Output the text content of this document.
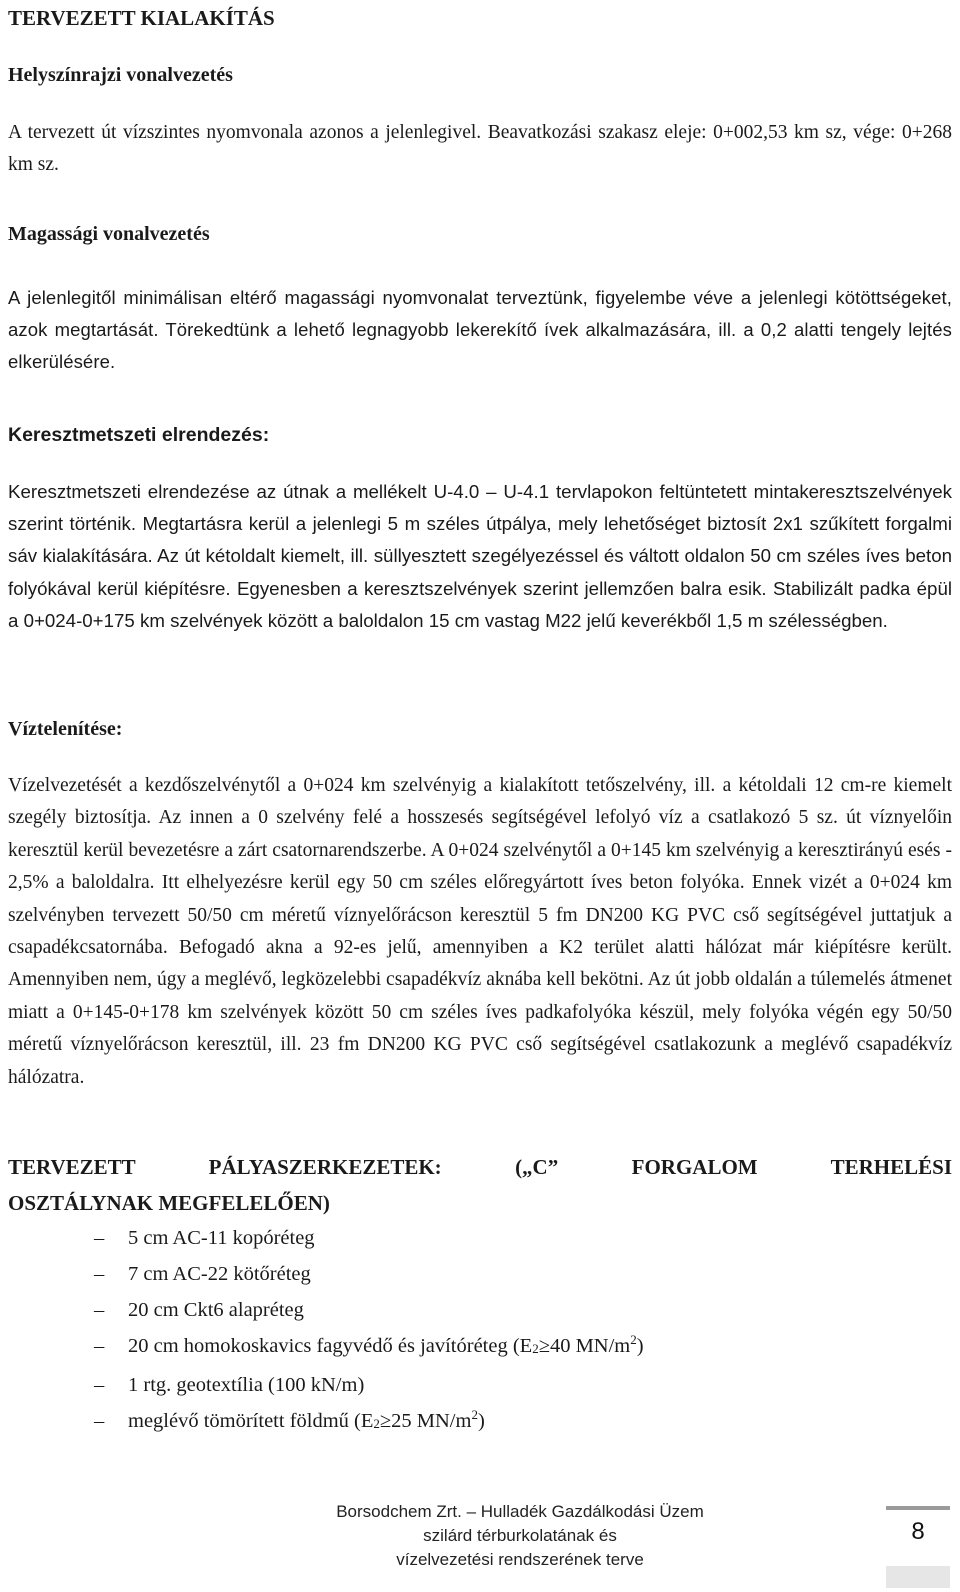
TERVEZETT KIALAKÍTÁS
Helyszínrajzi vonalvezetés

A tervezett út vízszintes nyomvonala azonos a jelenlegivel. Beavatkozási szakasz eleje: 0+002,53 km sz, vége: 0+268 km sz.

Magassági vonalvezetés

A jelenlegitől minimálisan eltérő magassági nyomvonalat terveztünk, figyelembe véve a jelenlegi kötöttségeket, azok megtartását. Törekedtünk a lehető legnagyobb lekerekítő ívek alkalmazására, ill. a 0,2 alatti tengely lejtés elkerülésére.

Keresztmetszeti elrendezés:

Keresztmetszeti elrendezése az útnak a mellékelt U-4.0 – U-4.1 tervlapokon feltüntetett mintakeresztszelvények szerint történik. Megtartásra kerül a jelenlegi 5 m széles útpálya, mely lehetőséget biztosít 2x1 szűkített forgalmi sáv kialakítására. Az út kétoldalt kiemelt, ill. süllyesztett szegélyezéssel és váltott oldalon 50 cm széles íves beton folyókával kerül kiépítésre. Egyenesben a keresztszelvények szerint jellemzően balra esik. Stabilizált padka épül a 0+024-0+175 km szelvények között a baloldalon 15 cm vastag M22 jelű keverékből 1,5 m szélességben.

Víztelenítése:

Vízelvezetését a kezdőszelvénytől a 0+024 km szelvényig a kialakított tetőszelvény, ill. a kétoldali 12 cm-re kiemelt szegély biztosítja. Az innen a 0 szelvény felé a hosszesés segítségével lefolyó víz a csatlakozó 5 sz. út víznyelőin keresztül kerül bevezetésre a zárt csatornarendszerbe. A 0+024 szelvénytől a 0+145 km szelvényig a keresztirányú esés - 2,5% a baloldalra. Itt elhelyezésre kerül egy 50 cm széles előregyártott íves beton folyóka. Ennek vizét a 0+024 km szelvényben tervezett 50/50 cm méretű víznyelőrácson keresztül 5 fm DN200 KG PVC cső segítségével juttatjuk a csapadékcsatornába. Befogadó akna a 92-es jelű, amennyiben a K2 terület alatti hálózat már kiépítésre került. Amennyiben nem, úgy a meglévő, legközelebbi csapadékvíz aknába kell bekötni. Az út jobb oldalán a túlemelés átmenet miatt a 0+145-0+178 km szelvények között 50 cm széles íves padkafolyóka készül, mely folyóka végén egy 50/50 méretű víznyelőrácson keresztül, ill. 23 fm DN200 KG PVC cső segítségével csatlakozunk a meglévő csapadékvíz hálózatra.

TERVEZETT PÁLYASZERKEZETEK: („C” FORGALOM TERHELÉSI
OSZTÁLYNAK MEGFELELŐEN)
– 5 cm AC-11 kopóréteg
– 7 cm AC-22 kötőréteg
– 20 cm Ckt6 alapréteg
– 20 cm homokoskavics fagyvédő és javítóréteg ($E_2\ge 40$ $MN/m^2$)
– 1 rtg. geotextília (100 kN/m)
– meglévő tömörített földmű ($E_2\ge 25$ $MN/m^2$)
Borsodchem Zrt. – Hulladék Gazdálkodási Üzem
szilárd térburkolatának és
vízelvezetési rendszerének terve
8
